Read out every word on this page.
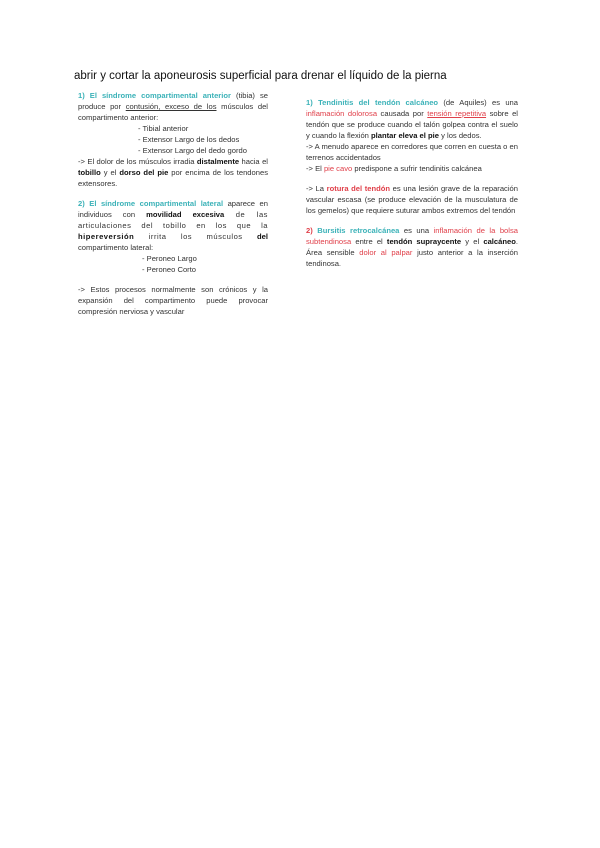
abrir y cortar la aponeurosis superficial para drenar el líquido de la pierna
1) El síndrome compartimental anterior (tibia) se produce por contusión, exceso de los músculos del compartimento anterior:
- Tibial anterior
- Extensor Largo de los dedos
- Extensor Largo del dedo gordo
-> El dolor de los músculos irradia distalmente hacia el tobillo y el dorso del pie por encima de los tendones extensores.
2) El síndrome compartimental lateral aparece en individuos con movilidad excesiva de las articulaciones del tobillo en los que la hipereversión irrita los músculos del compartimento lateral:
- Peroneo Largo
- Peroneo Corto
-> Estos procesos normalmente son crónicos y la expansión del compartimento puede provocar compresión nerviosa y vascular
1) Tendinitis del tendón calcáneo (de Aquiles) es una inflamación dolorosa causada por tensión repetitiva sobre el tendón que se produce cuando el talón golpea contra el suelo y cuando la flexión plantar eleva el pie y los dedos.
-> A menudo aparece en corredores que corren en cuesta o en terrenos accidentados
-> El pie cavo predispone a sufrir tendinitis calcánea
-> La rotura del tendón es una lesión grave de la reparación vascular escasa (se produce elevación de la musculatura de los gemelos) que requiere suturar ambos extremos del tendón
2) Bursitis retrocalcánea es una inflamación de la bolsa subtendinosa entre el tendón supraycente y el calcáneo. Área sensible dolor al palpar justo anterior a la inserción tendinosa.
